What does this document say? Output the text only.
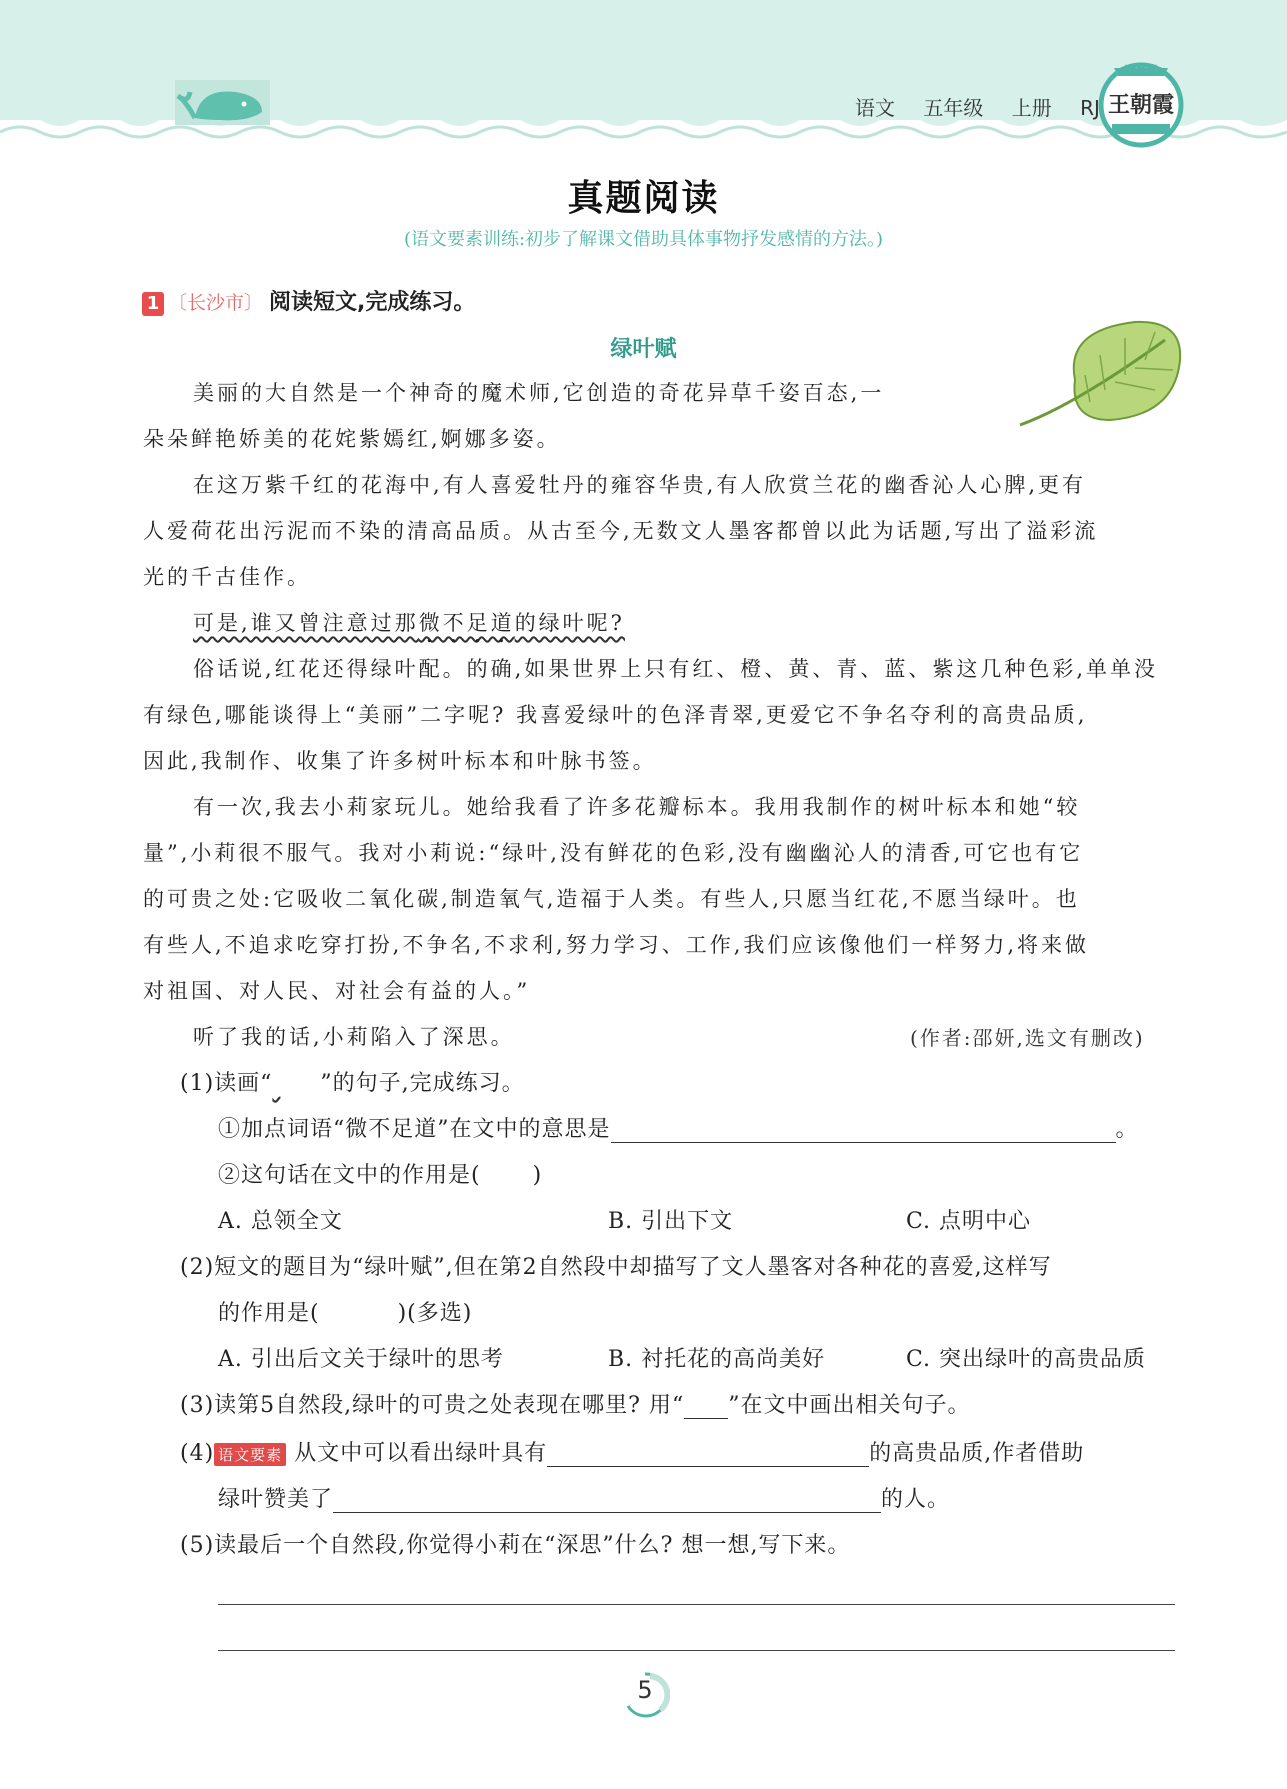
语文 五年级 上册 RJ 王朝霞
真题阅读
(语文要素训练:初步了解课文借助具体事物抒发感情的方法。)
1 〔长沙市〕 阅读短文,完成练习。
绿叶赋
美丽的大自然是一个神奇的魔术师,它创造的奇花异草千姿百态,一
朵朵鲜艳娇美的花姹紫嫣红,婀娜多姿。
在这万紫千红的花海中,有人喜爱牡丹的雍容华贵,有人欣赏兰花的幽香沁人心脾,更有
人爱荷花出污泥而不染的清高品质。从古至今,无数文人墨客都曾以此为话题,写出了溢彩流
光的千古佳作。
可是,谁又曾注意过那微不足道的绿叶呢?
俗话说,红花还得绿叶配。的确,如果世界上只有红、橙、黄、青、蓝、紫这几种色彩,单单没
有绿色,哪能谈得上“美丽”二字呢? 我喜爱绿叶的色泽青翠,更爱它不争名夺利的高贵品质,
因此,我制作、收集了许多树叶标本和叶脉书签。
有一次,我去小莉家玩儿。她给我看了许多花瓣标本。我用我制作的树叶标本和她“较
量”,小莉很不服气。我对小莉说:“绿叶,没有鲜花的色彩,没有幽幽沁人的清香,可它也有它
的可贵之处:它吸收二氧化碳,制造氧气,造福于人类。有些人,只愿当红花,不愿当绿叶。也
有些人,不追求吃穿打扮,不争名,不求利,努力学习、工作,我们应该像他们一样努力,将来做
对祖国、对人民、对社会有益的人。”
听了我的话,小莉陷入了深思。	(作者:邵妍,选文有删改)
(1)读画“ ”的句子,完成练习。
①加点词语“微不足道”在文中的意思是	。
②这句话在文中的作用是( )
A. 总领全文	B. 引出下文	C. 点明中心
(2)短文的题目为“绿叶赋”,但在第2自然段中却描写了文人墨客对各种花的喜爱,这样写
的作用是(	)(多选)
A. 引出后文关于绿叶的思考	B. 衬托花的高尚美好	C. 突出绿叶的高贵品质
(3)读第5自然段,绿叶的可贵之处表现在哪里? 用“ ”在文中画出相关句子。
(4) 语文要素 从文中可以看出绿叶具有	的高贵品质,作者借助
绿叶赞美了	的人。
(5)读最后一个自然段,你觉得小莉在“深思”什么? 想一想,写下来。
5
